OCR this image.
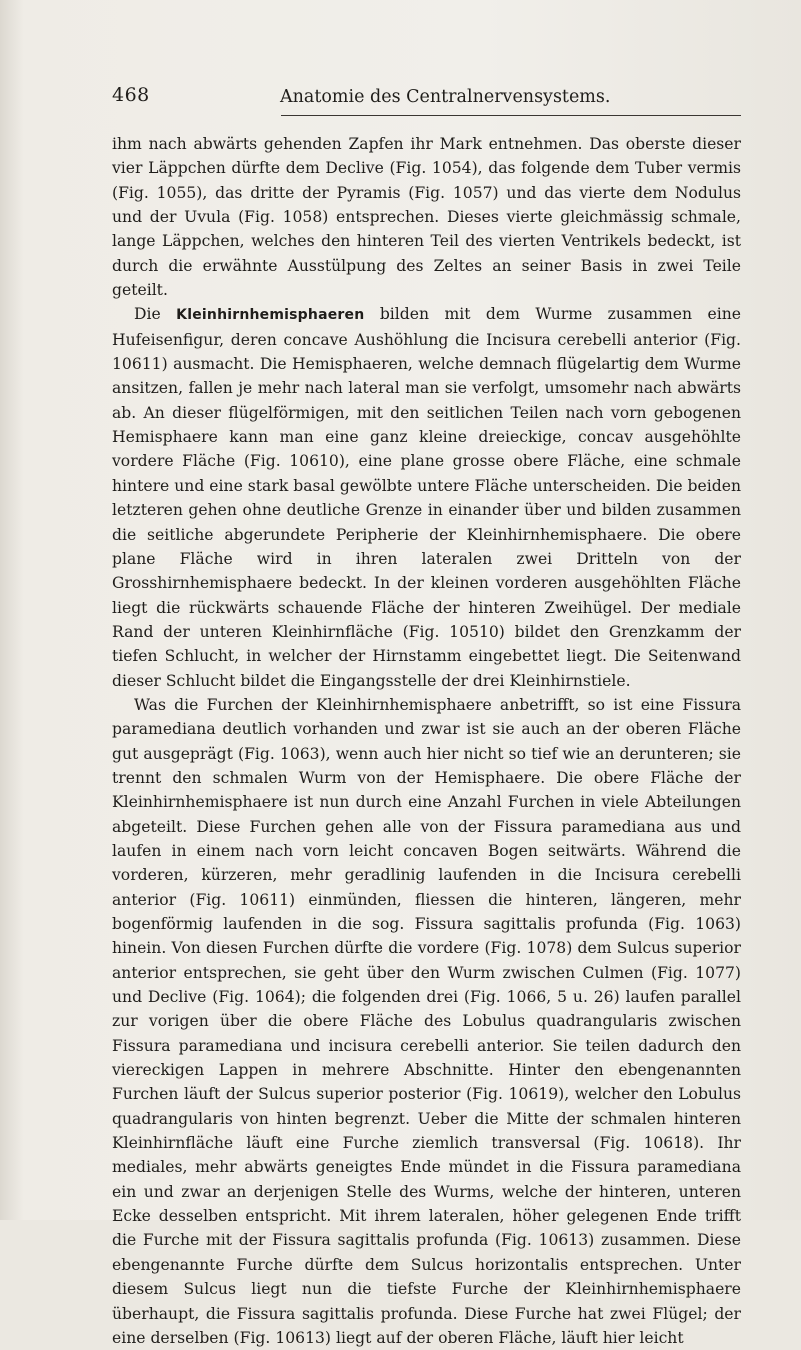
468	Anatomie des Centralnervensystems.

ihm nach abwärts gehenden Zapfen ihr Mark entnehmen. Das oberste dieser vier Läppchen dürfte dem Declive (Fig. 1054), das folgende dem Tuber vermis (Fig. 1055), das dritte der Pyramis (Fig. 1057) und das vierte dem Nodulus und der Uvula (Fig. 1058) entsprechen. Dieses vierte gleichmässig schmale, lange Läppchen, welches den hinteren Teil des vierten Ventrikels bedeckt, ist durch die erwähnte Ausstülpung des Zeltes an seiner Basis in zwei Teile geteilt.

Die Kleinhirnhemisphaeren bilden mit dem Wurme zusammen eine Hufeisenfigur, deren concave Aushöhlung die Incisura cerebelli anterior (Fig. 10611) ausmacht. Die Hemisphaeren, welche demnach flügelartig dem Wurme ansitzen, fallen je mehr nach lateral man sie verfolgt, umsomehr nach abwärts ab. An dieser flügelförmigen, mit den seitlichen Teilen nach vorn gebogenen Hemisphaere kann man eine ganz kleine dreieckige, concav ausgehöhlte vordere Fläche (Fig. 10610), eine plane grosse obere Fläche, eine schmale hintere und eine stark basal gewölbte untere Fläche unterscheiden. Die beiden letzteren gehen ohne deutliche Grenze in einander über und bilden zusammen die seitliche abgerundete Peripherie der Kleinhirnhemisphaere. Die obere plane Fläche wird in ihren lateralen zwei Dritteln von der Grosshirnhemisphaere bedeckt. In der kleinen vorderen ausgehöhlten Fläche liegt die rückwärts schauende Fläche der hinteren Zweihügel. Der mediale Rand der unteren Kleinhirnfläche (Fig. 10510) bildet den Grenzkamm der tiefen Schlucht, in welcher der Hirnstamm eingebettet liegt. Die Seitenwand dieser Schlucht bildet die Eingangsstelle der drei Kleinhirnstiele.

Was die Furchen der Kleinhirnhemisphaere anbetrifft, so ist eine Fissura paramediana deutlich vorhanden und zwar ist sie auch an der oberen Fläche gut ausgeprägt (Fig. 1063), wenn auch hier nicht so tief wie an derunteren; sie trennt den schmalen Wurm von der Hemisphaere. Die obere Fläche der Kleinhirnhemisphaere ist nun durch eine Anzahl Furchen in viele Abteilungen abgeteilt. Diese Furchen gehen alle von der Fissura paramediana aus und laufen in einem nach vorn leicht concaven Bogen seitwärts. Während die vorderen, kürzeren, mehr geradlinig laufenden in die Incisura cerebelli anterior (Fig. 10611) einmünden, fliessen die hinteren, längeren, mehr bogenförmig laufenden in die sog. Fissura sagittalis profunda (Fig. 1063) hinein. Von diesen Furchen dürfte die vordere (Fig. 1078) dem Sulcus superior anterior entsprechen, sie geht über den Wurm zwischen Culmen (Fig. 1077) und Declive (Fig. 1064); die folgenden drei (Fig. 1066, 5 u. 26) laufen parallel zur vorigen über die obere Fläche des Lobulus quadrangularis zwischen Fissura paramediana und incisura cerebelli anterior. Sie teilen dadurch den viereckigen Lappen in mehrere Abschnitte. Hinter den ebengenannten Furchen läuft der Sulcus superior posterior (Fig. 10619), welcher den Lobulus quadrangularis von hinten begrenzt. Ueber die Mitte der schmalen hinteren Kleinhirnfläche läuft eine Furche ziemlich transversal (Fig. 10618). Ihr mediales, mehr abwärts geneigtes Ende mündet in die Fissura paramediana ein und zwar an derjenigen Stelle des Wurms, welche der hinteren, unteren Ecke desselben entspricht. Mit ihrem lateralen, höher gelegenen Ende trifft die Furche mit der Fissura sagittalis profunda (Fig. 10613) zusammen. Diese ebengenannte Furche dürfte dem Sulcus horizontalis entsprechen. Unter diesem Sulcus liegt nun die tiefste Furche der Kleinhirnhemisphaere überhaupt, die Fissura sagittalis profunda. Diese Furche hat zwei Flügel; der eine derselben (Fig. 10613) liegt auf der oberen Fläche, läuft hier leicht
